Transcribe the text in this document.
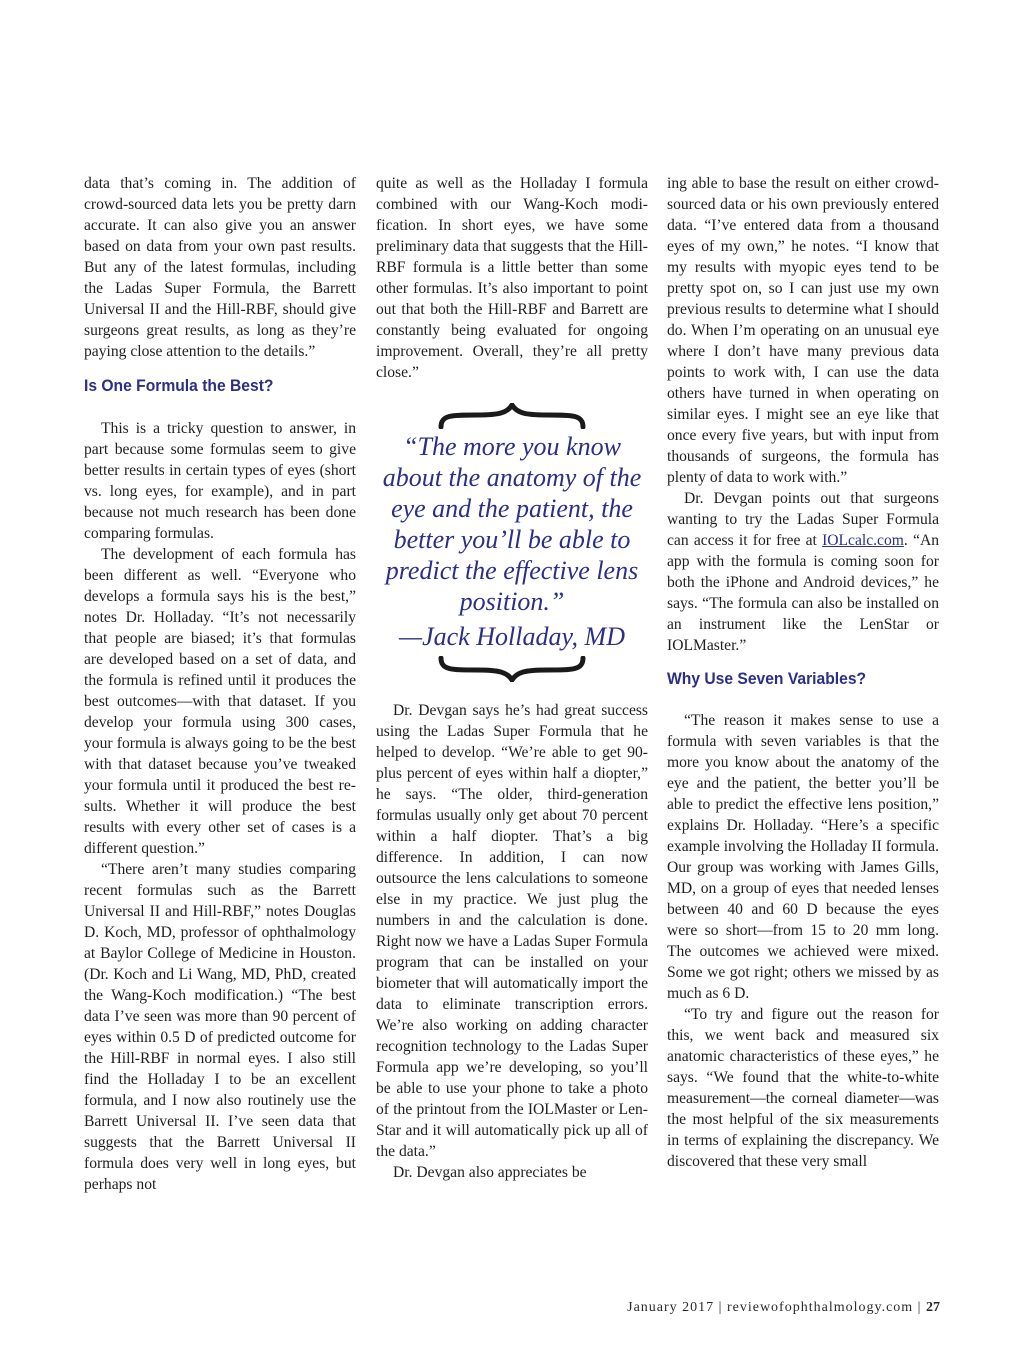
data that’s coming in. The addition of crowd-sourced data lets you be pretty darn accurate. It can also give you an answer based on data from your own past results. But any of the latest formulas, including the Ladas Super Formula, the Barrett Universal II and the Hill-RBF, should give surgeons great results, as long as they’re paying close attention to the details.”

Is One Formula the Best?

This is a tricky question to answer, in part because some formulas seem to give better results in certain types of eyes (short vs. long eyes, for example), and in part because not much research has been done comparing formulas.

The development of each formula has been different as well. “Everyone who develops a formula says his is the best,” notes Dr. Holladay. “It’s not necessarily that people are biased; it’s that formulas are developed based on a set of data, and the formula is refined until it produces the best outcomes—with that dataset. If you develop your formula using 300 cases, your formula is always going to be the best with that dataset because you’ve tweaked your formula until it produced the best results. Whether it will produce the best results with every other set of cases is a different question.”

“There aren’t many studies comparing recent formulas such as the Barrett Universal II and Hill-RBF,” notes Douglas D. Koch, MD, professor of ophthalmology at Baylor College of Medicine in Houston. (Dr. Koch and Li Wang, MD, PhD, created the Wang-Koch modification.) “The best data I’ve seen was more than 90 percent of eyes within 0.5 D of predicted outcome for the Hill-RBF in normal eyes. I also still find the Holladay I to be an excellent formula, and I now also routinely use the Barrett Universal II. I’ve seen data that suggests that the Barrett Universal II formula does very well in long eyes, but perhaps not

quite as well as the Holladay I formula combined with our Wang-Koch modification. In short eyes, we have some preliminary data that suggests that the Hill-RBF formula is a little better than some other formulas. It’s also important to point out that both the Hill-RBF and Barrett are constantly being evaluated for ongoing improvement. Overall, they’re all pretty close.”

“The more you know about the anatomy of the eye and the patient, the better you’ll be able to predict the effective lens position.”
—Jack Holladay, MD

Dr. Devgan says he’s had great success using the Ladas Super Formula that he helped to develop. “We’re able to get 90-plus percent of eyes within half a diopter,” he says. “The older, third-generation formulas usually only get about 70 percent within a half diopter. That’s a big difference. In addition, I can now outsource the lens calculations to someone else in my practice. We just plug the numbers in and the calculation is done. Right now we have a Ladas Super Formula program that can be installed on your biometer that will automatically import the data to eliminate transcription errors. We’re also working on adding character recognition technology to the Ladas Super Formula app we’re developing, so you’ll be able to use your phone to take a photo of the printout from the IOLMaster or LenStar and it will automatically pick up all of the data.”

Dr. Devgan also appreciates be

ing able to base the result on either crowd-sourced data or his own previously entered data. “I’ve entered data from a thousand eyes of my own,” he notes. “I know that my results with myopic eyes tend to be pretty spot on, so I can just use my own previous results to determine what I should do. When I’m operating on an unusual eye where I don’t have many previous data points to work with, I can use the data others have turned in when operating on similar eyes. I might see an eye like that once every five years, but with input from thousands of surgeons, the formula has plenty of data to work with.”

Dr. Devgan points out that surgeons wanting to try the Ladas Super Formula can access it for free at IOLcalc.com. “An app with the formula is coming soon for both the iPhone and Android devices,” he says. “The formula can also be installed on an instrument like the LenStar or IOLMaster.”

Why Use Seven Variables?

“The reason it makes sense to use a formula with seven variables is that the more you know about the anatomy of the eye and the patient, the better you’ll be able to predict the effective lens position,” explains Dr. Holladay. “Here’s a specific example involving the Holladay II formula. Our group was working with James Gills, MD, on a group of eyes that needed lenses between 40 and 60 D because the eyes were so short—from 15 to 20 mm long. The outcomes we achieved were mixed. Some we got right; others we missed by as much as 6 D.

“To try and figure out the reason for this, we went back and measured six anatomic characteristics of these eyes,” he says. “We found that the white-to-white measurement—the corneal diameter—was the most helpful of the six measurements in terms of explaining the discrepancy. We discovered that these very small

January 2017 | reviewofophthalmology.com | 27
